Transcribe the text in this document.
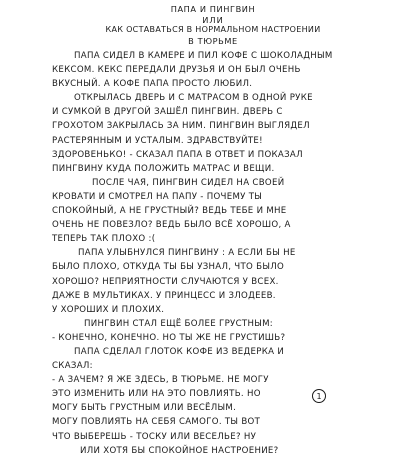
ПАПА И ПИНГВИН
ИЛИ
КАК ОСТАВАТЬСЯ В НОРМАЛЬНОМ НАСТРОЕНИИ
В ТЮРЬМЕ
ПАПА СИДЕЛ В КАМЕРЕ И ПИЛ КОФЕ С ШОКОЛАДНЫМ
КЕКСОМ. КЕКС ПЕРЕДАЛИ ДРУЗЬЯ И ОН БЫЛ ОЧЕНЬ
ВКУСНЫЙ. А КОФЕ ПАПА ПРОСТО ЛЮБИЛ.
ОТКРЫЛАСЬ ДВЕРЬ И С МАТРАСОМ В ОДНОЙ РУКЕ
И СУМКОЙ В ДРУГОЙ ЗАШЁЛ ПИНГВИН. ДВЕРЬ С
ГРОХОТОМ ЗАКРЫЛАСЬ ЗА НИМ. ПИНГВИН ВЫГЛЯДЕЛ
РАСТЕРЯННЫМ И УСТАЛЫМ. ЗДРАВСТВУЙТЕ!
ЗДОРОВЕНЬКО! - СКАЗАЛ ПАПА В ОТВЕТ И ПОКАЗАЛ
ПИНГВИНУ КУДА ПОЛОЖИТЬ МАТРАС И ВЕЩИ.
ПОСЛЕ ЧАЯ, ПИНГВИН СИДЕЛ НА СВОЕЙ
КРОВАТИ И СМОТРЕЛ НА ПАПУ - ПОЧЕМУ ТЫ
СПОКОЙНЫЙ, А НЕ ГРУСТНЫЙ? ВЕДЬ ТЕБЕ И МНЕ
ОЧЕНЬ НЕ ПОВЕЗЛО? ВЕДЬ БЫЛО ВСЁ ХОРОШО, А
ТЕПЕРЬ ТАК ПЛОХО :(
ПАПА УЛЫБНУЛСЯ ПИНГВИНУ : А ЕСЛИ БЫ НЕ
БЫЛО ПЛОХО, ОТКУДА ТЫ БЫ УЗНАЛ, ЧТО БЫЛО
ХОРОШО? НЕПРИЯТНОСТИ СЛУЧАЮТСЯ У ВСЕХ.
ДАЖЕ В МУЛЬТИКАХ. У ПРИНЦЕСС И ЗЛОДЕЕВ.
У ХОРОШИХ И ПЛОХИХ.
ПИНГВИН СТАЛ ЕЩЁ БОЛЕЕ ГРУСТНЫМ:
- КОНЕЧНО, КОНЕЧНО. НО ТЫ ЖЕ НЕ ГРУСТИШЬ?
ПАПА СДЕЛАЛ ГЛОТОК КОФЕ ИЗ ВЕДЕРКА И
СКАЗАЛ:
- А ЗАЧЕМ? Я ЖЕ ЗДЕСЬ, В ТЮРЬМЕ. НЕ МОГУ
ЭТО ИЗМЕНИТЬ ИЛИ НА ЭТО ПОВЛИЯТЬ. НО
МОГУ БЫТЬ ГРУСТНЫМ ИЛИ ВЕСЁЛЫМ.
МОГУ ПОВЛИЯТЬ НА СЕБЯ САМОГО. ТЫ ВОТ
ЧТО ВЫБЕРЕШЬ - ТОСКУ ИЛИ ВЕСЕЛЬЕ? НУ
ИЛИ ХОТЯ БЫ СПОКОЙНОЕ НАСТРОЕНИЕ?
1
